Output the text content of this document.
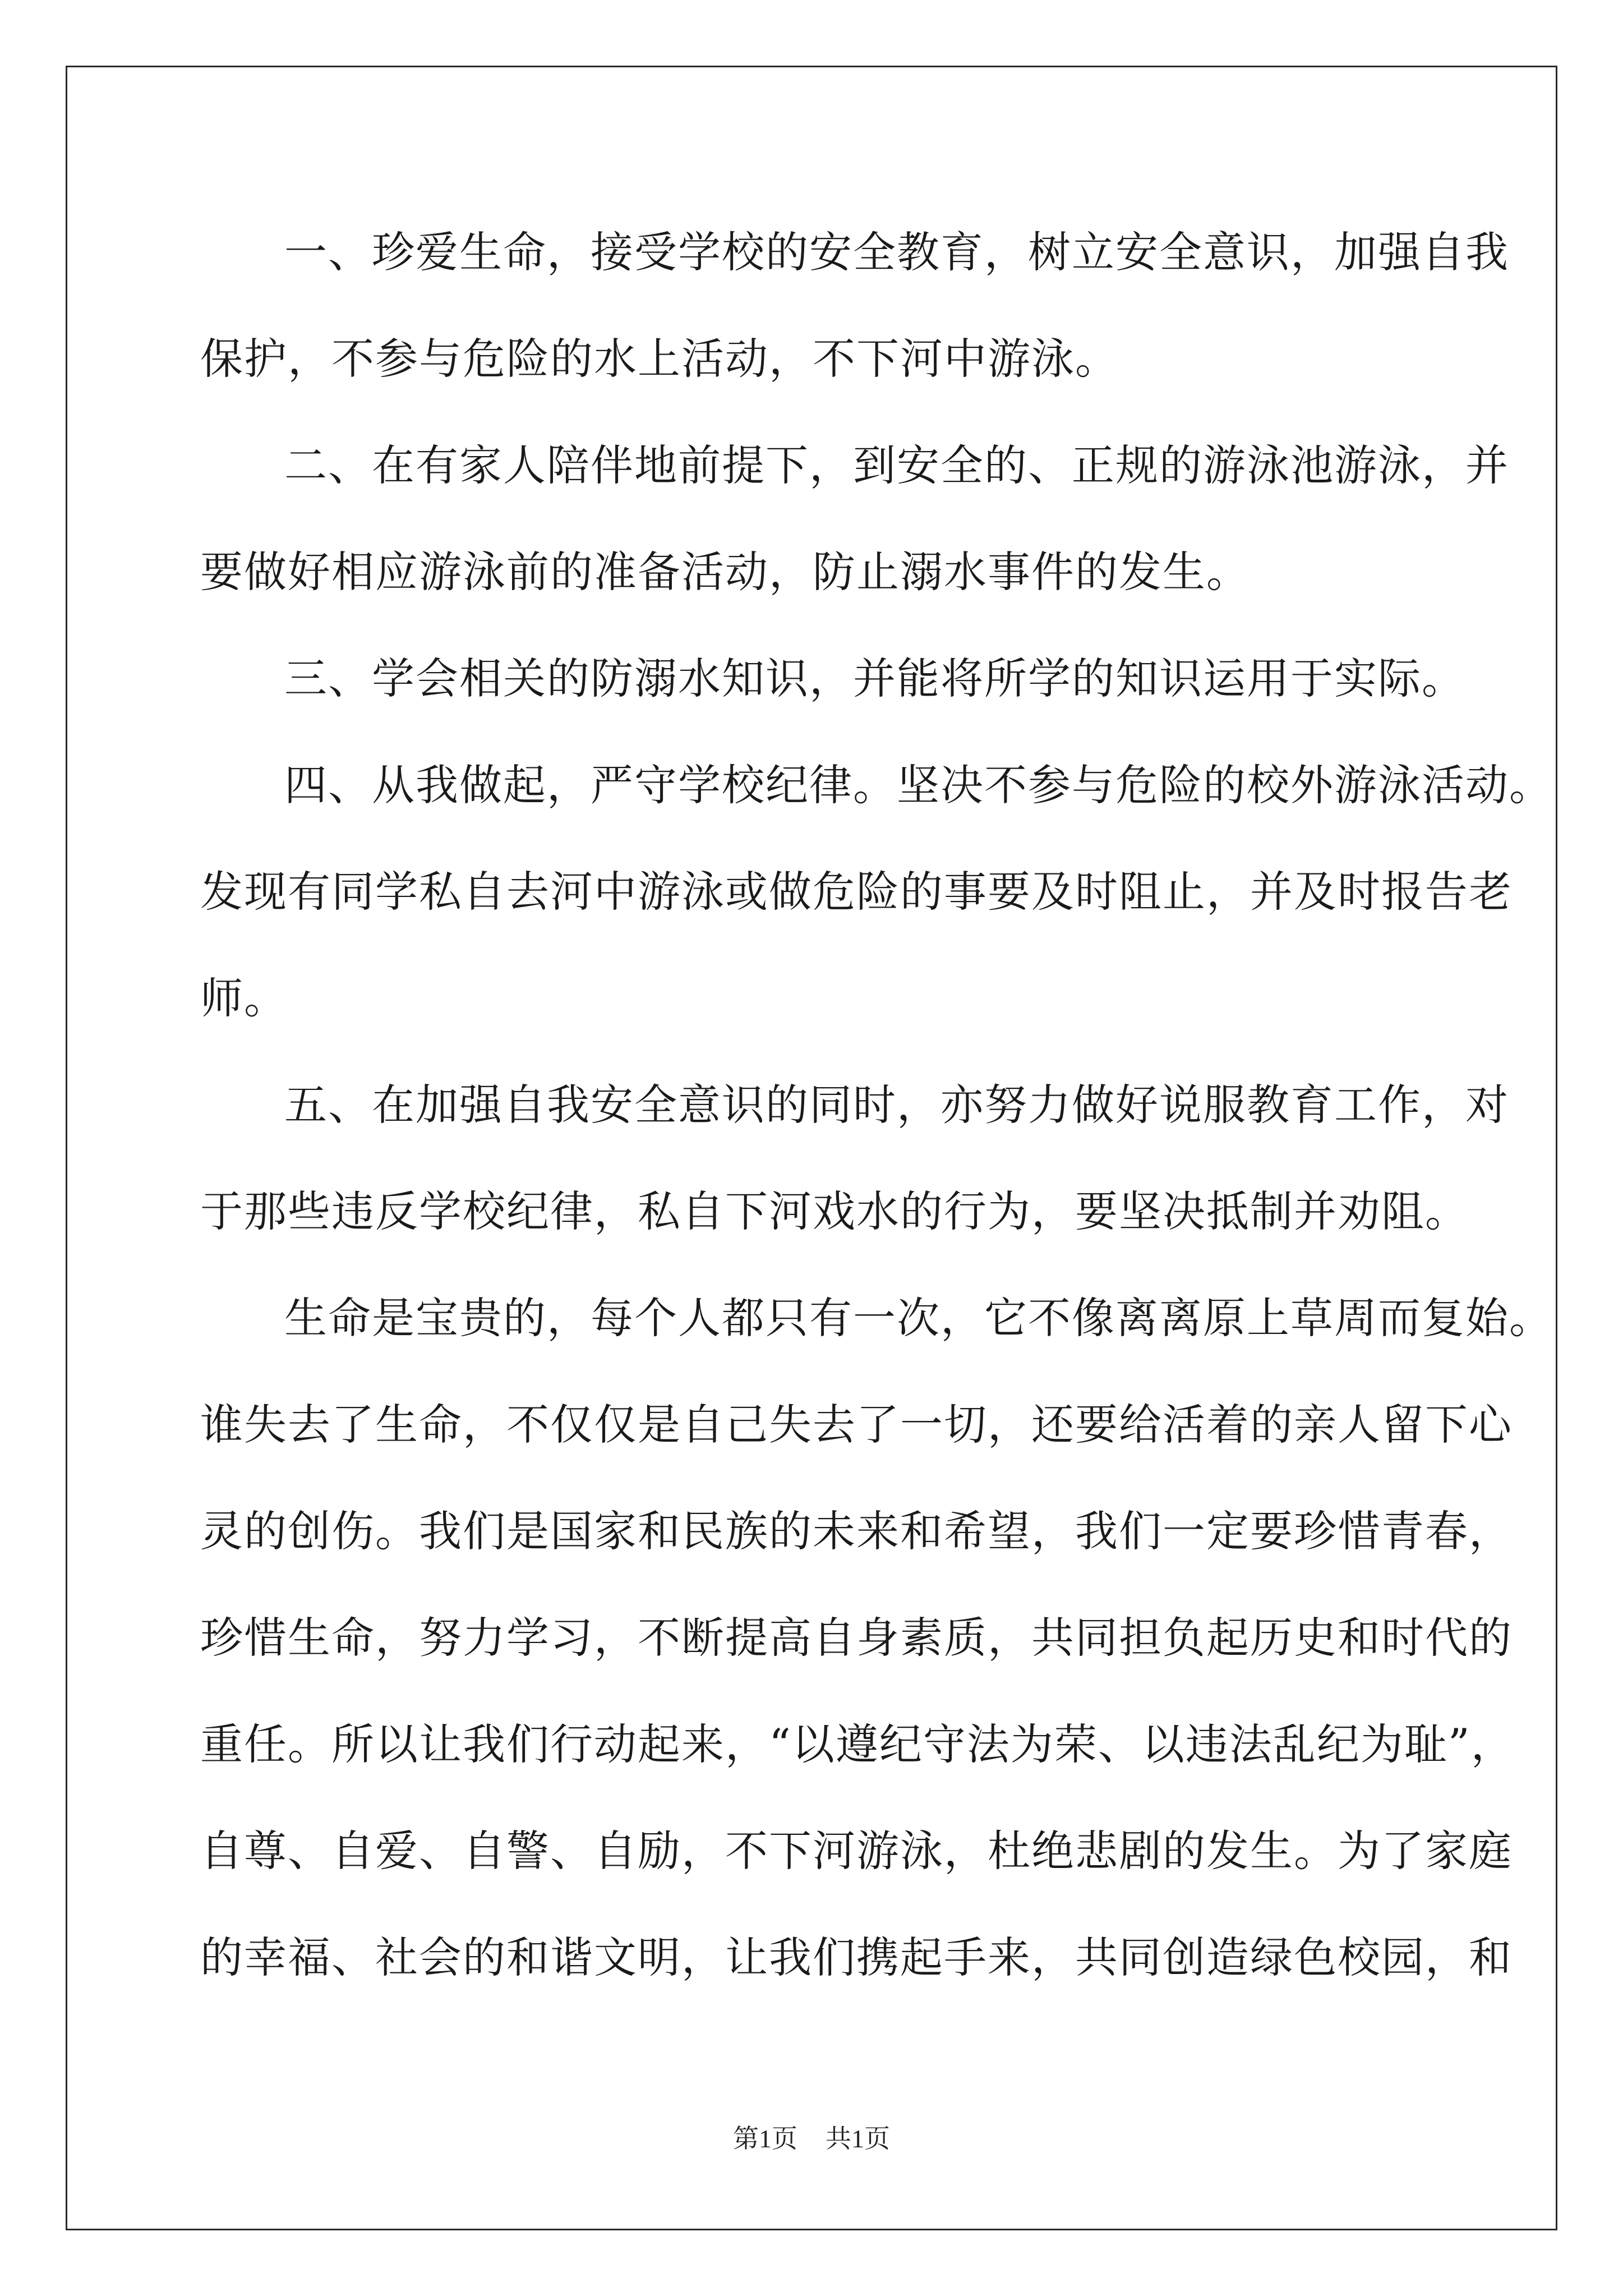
一、珍爱生命，接受学校的安全教育，树立安全意识，加强自我
保护，不参与危险的水上活动，不下河中游泳。
二、在有家人陪伴地前提下，到安全的、正规的游泳池游泳，并
要做好相应游泳前的准备活动，防止溺水事件的发生。
三、学会相关的防溺水知识，并能将所学的知识运用于实际。
四、从我做起，严守学校纪律。坚决不参与危险的校外游泳活动。
发现有同学私自去河中游泳或做危险的事要及时阻止，并及时报告老
师。
五、在加强自我安全意识的同时，亦努力做好说服教育工作，对
于那些违反学校纪律，私自下河戏水的行为，要坚决抵制并劝阻。
生命是宝贵的，每个人都只有一次，它不像离离原上草周而复始。
谁失去了生命，不仅仅是自己失去了一切，还要给活着的亲人留下心
灵的创伤。我们是国家和民族的未来和希望，我们一定要珍惜青春，
珍惜生命，努力学习，不断提高自身素质，共同担负起历史和时代的
重任。所以让我们行动起来，“以遵纪守法为荣、以违法乱纪为耻”，
自尊、自爱、自警、自励，不下河游泳，杜绝悲剧的发生。为了家庭
的幸福、社会的和谐文明，让我们携起手来，共同创造绿色校园，和
第1页 共1页
